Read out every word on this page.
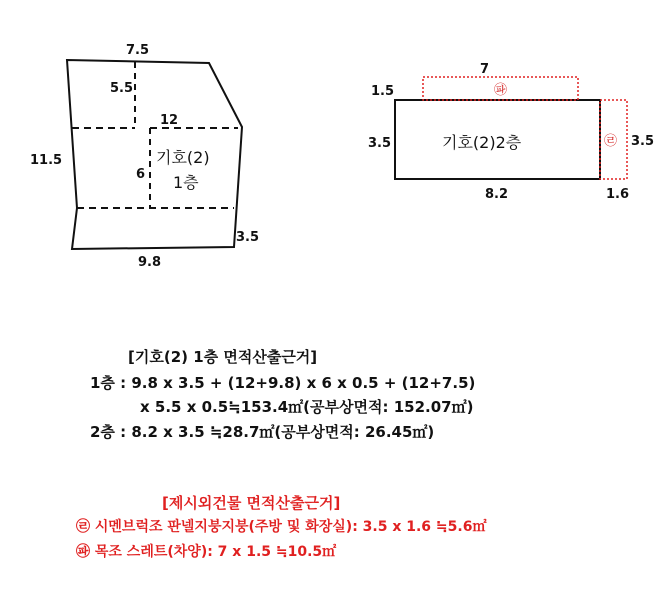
7.5
5.5
12
11.5
6
9.8
3.5
기호(2)
1층
7
1.5
3.5
8.2
3.5
1.6
기호(2)2층
㉺
㉣
[기호(2) 1층 면적산출근거]
1층 : 9.8 x 3.5 + (12+9.8) x 6 x 0.5 + (12+7.5)
x 5.5 x 0.5≒153.4㎡(공부상면적: 152.07㎡)
2층 : 8.2 x 3.5 ≒28.7㎡(공부상면적: 26.45㎡)
[제시외건물 면적산출근거]
㉣ 시멘브럭조 판넬지붕지붕(주방 및 화장실): 3.5 x 1.6 ≒5.6㎡
㉺ 목조 스레트(차양): 7 x 1.5 ≒10.5㎡
